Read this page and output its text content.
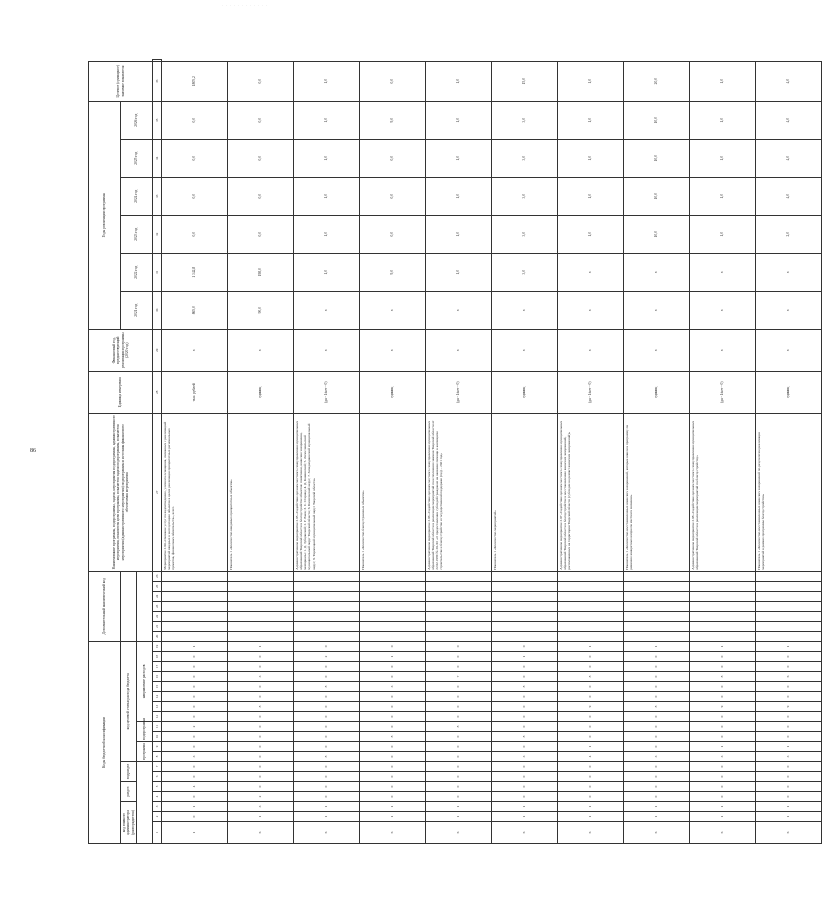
86
. . . . . . . . . . . .
Коды бюджетной классификации																			Дополнительный аналитический код							Наименование программы, подпрограммы, задачи, мероприятия подпрограммы, административного мероприятия, показателя цели программы, показателя задачи подпрограммы, показателя мероприятия (административного мероприятия) подпрограммы и источник финансового обеспечения мероприятия	Единица измерения	Финансовый год, предшествующий реализации программы (2020 год)	Годы реализации программы						Целевое (суммарное) значение показателя	
код главного администратора (распорядителя)			раздел		подраздел		код целевой статьи расхода бюджета																						2021 год	2022 год	2023 год	2024 год	2025 год	2026 год		
							программа		подпрограмма		направление расходов																									
1	2	3	4	5	6	7	8	9	10	11	12	13	14	15	16	17	18	19	20	21	22	23	24	25	26	27	28	29	30	31	32	33	34	35	36	
1	0	1	0	4	0	0	3	0	0	2	0	0	0	0	0	0	0	1								Мероприятие 2.04 «Оказание услуг по водоотведению, уличного освещения, связанных с реализацией мероприятий вводных в эксплуатацию объектов в целях реализации приоритетных региональных проектов, финансовых обязательств», всего	тыс. рублей	х	865,0	1 342,8	0,0	0,0	0,0	0,0	1805,2	
6	1	3	2	0	0	0	0	0	0	0	0	8	0	0	3	0	0	1								Показатель 1 «Количество вводимых приоритетных объектов»	единиц	х	90,0	198,0	0,0	0,0	0,0	0,0	0,0	
6	1	1	0	0	0	0	8	0	0	0	0	0	0	8	0	0	2	0								Административное мероприятие 2.05 «Содействие органам местного самоуправления муниципальных образований Тверской области в благоустройстве объектов: памятники, воинские захоронения, мемориалы: 1. Д. Зубцовский; 2. Г. Ржев; 3. С. Старица; 4. Д. Кашинский; 5. Лихославльский муниципальный округ Тверской области; 6. Бологовский округ; 7. Западнодвинский муниципальный округ; 8. Торопецкий муниципальный округ Тверской области»	(да - 1/нет - 0)	х	х	1,0	1,0	1,0	1,0	1,0	1,0	
6	1	1	0	0	0	0	0	0	8	0	0	0	0	3	0	0	1	0								Показатель 1 «Количество благоустроенных объектов»	единиц	х	х	9,0	0,0	0,0	0,0	9,0	0,0	
6	1	1	0	0	0	0	0	0	0	8	0	0	0	0	7	0	0	0								Административное мероприятие 2.06 «Содействие органам местного самоуправления муниципальных образований Тверской области в реализации мероприятий по исполнению законов Тверской области от 22.02.1999 № 20-ЗО «О предоставлении субсидий гражданам на оказание помощи в жилищном строительстве и благоустройстве и государственной поддержке (год) – 2021 год»	(да - 1/нет - 0)	х	х	1,0	1,0	1,0	1,0	1,0	1,0	
6	1	1	0	0	0	0	3	0	8	0	0	0	0	8	0	0	1	0								Показатель 1 «Количество мероприятий»	единиц	х	х	3,0	3,0	3,0	3,0	3,0	15,0	
6	1	1	0	0	0	0	4	1	0	0	0	9	0	0	8	0	0	1								Административное мероприятие 2.07 «Содействие органам местного самоуправления муниципальных образований Тверской области в благоустройстве и восстановлению воинских захоронений, расположенных на территории Тверской области (субсидии на ремонт воинских захоронений)»	(да - 1/нет - 0)	х	х	х	1,0	1,0	1,0	1,0	1,0	
6	1	1	0	0	0	0	3	0	0	0	0	8	0	0	0	0	0	1								Показатель 1 «Количество восстановленных воинских захоронений, которые вошли в программу по решению конкретных вопросов местного значения»	единиц	х	х	х	10,0	10,0	10,0	10,0	20,0	
6	1	1	0	0	0	0	3	1	0	0	0	9	0	0	8	0	0	1								Административное мероприятие 2.08 «Содействие органам местного самоуправления муниципальных образований Тверской области в реализации мероприятий по благоустройству»	(да - 1/нет - 0)	х	х	х	1,0	1,0	1,0	1,0	1,0	
6	1	1	0	0	0	0	3	1	0	0	0	9	0	0	6	0	0	1								Показатель 1 «Количество восстановленных воинских захоронений по результатам реализации мероприятий в рамках программы благоустройства»	единиц	х	х	х	2,0	4,0	4,0	4,0	4,0	
